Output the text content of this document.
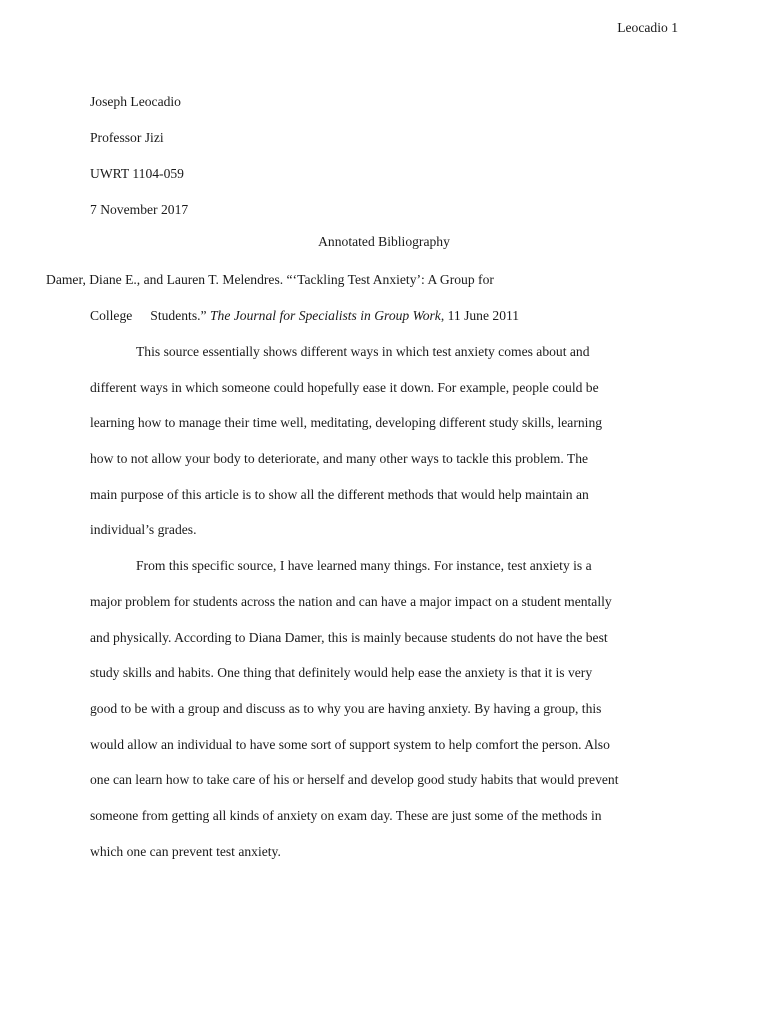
Leocadio 1
Joseph Leocadio
Professor Jizi
UWRT 1104-059
7 November 2017
Annotated Bibliography
Damer, Diane E., and Lauren T. Melendres. “‘Tackling Test Anxiety’: A Group for
College Students.” The Journal for Specialists in Group Work, 11 June 2011
This source essentially shows different ways in which test anxiety comes about and
different ways in which someone could hopefully ease it down. For example, people could be
learning how to manage their time well, meditating, developing different study skills, learning
how to not allow your body to deteriorate, and many other ways to tackle this problem. The
main purpose of this article is to show all the different methods that would help maintain an
individual’s grades.
From this specific source, I have learned many things. For instance, test anxiety is a
major problem for students across the nation and can have a major impact on a student mentally
and physically. According to Diana Damer, this is mainly because students do not have the best
study skills and habits. One thing that definitely would help ease the anxiety is that it is very
good to be with a group and discuss as to why you are having anxiety. By having a group, this
would allow an individual to have some sort of support system to help comfort the person. Also
one can learn how to take care of his or herself and develop good study habits that would prevent
someone from getting all kinds of anxiety on exam day. These are just some of the methods in
which one can prevent test anxiety.
